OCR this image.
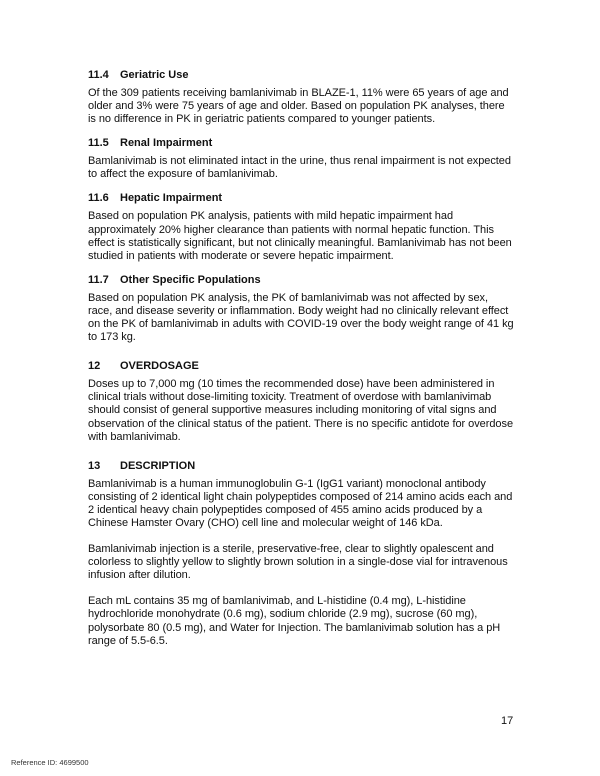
11.4	Geriatric Use

Of the 309 patients receiving bamlanivimab in BLAZE-1, 11% were 65 years of age and older and 3% were 75 years of age and older. Based on population PK analyses, there is no difference in PK in geriatric patients compared to younger patients.

11.5	Renal Impairment

Bamlanivimab is not eliminated intact in the urine, thus renal impairment is not expected to affect the exposure of bamlanivimab.

11.6	Hepatic Impairment

Based on population PK analysis, patients with mild hepatic impairment had approximately 20% higher clearance than patients with normal hepatic function. This effect is statistically significant, but not clinically meaningful. Bamlanivimab has not been studied in patients with moderate or severe hepatic impairment.

11.7	Other Specific Populations

Based on population PK analysis, the PK of bamlanivimab was not affected by sex, race, and disease severity or inflammation. Body weight had no clinically relevant effect on the PK of bamlanivimab in adults with COVID-19 over the body weight range of 41 kg to 173 kg.

12	OVERDOSAGE

Doses up to 7,000 mg (10 times the recommended dose) have been administered in clinical trials without dose-limiting toxicity. Treatment of overdose with bamlanivimab should consist of general supportive measures including monitoring of vital signs and observation of the clinical status of the patient. There is no specific antidote for overdose with bamlanivimab.

13	DESCRIPTION

Bamlanivimab is a human immunoglobulin G-1 (IgG1 variant) monoclonal antibody consisting of 2 identical light chain polypeptides composed of 214 amino acids each and 2 identical heavy chain polypeptides composed of 455 amino acids produced by a Chinese Hamster Ovary (CHO) cell line and molecular weight of 146 kDa.

Bamlanivimab injection is a sterile, preservative-free, clear to slightly opalescent and colorless to slightly yellow to slightly brown solution in a single-dose vial for intravenous infusion after dilution.

Each mL contains 35 mg of bamlanivimab, and L-histidine (0.4 mg), L-histidine hydrochloride monohydrate (0.6 mg), sodium chloride (2.9 mg), sucrose (60 mg), polysorbate 80 (0.5 mg), and Water for Injection. The bamlanivimab solution has a pH range of 5.5-6.5.

17
Reference ID: 4699500
